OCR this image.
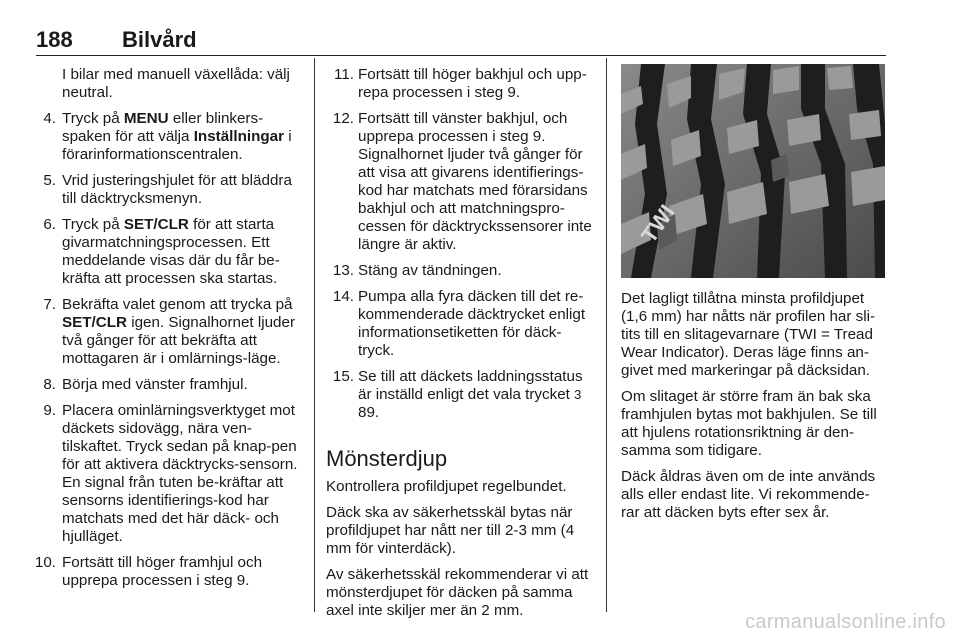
188 Bilvård

I bilar med manuell växellåda: välj neutral.

4. Tryck på MENU eller blinkers-spaken för att välja Inställningar i förarinformationscentralen.

5. Vrid justeringshjulet för att bläddra till däcktrycksmenyn.

6. Tryck på SET/CLR för att starta givarmatchningsprocessen. Ett meddelande visas där du får be-kräfta att processen ska startas.

7. Bekräfta valet genom att trycka på SET/CLR igen. Signalhornet ljuder två gånger för att bekräfta att mottagaren är i omlärnings-läge.

8. Börja med vänster framhjul.

9. Placera ominlärningsverktyget mot däckets sidovägg, nära ven-tilskaftet. Tryck sedan på knap-pen för att aktivera däcktrycks-sensorn. En signal från tuten be-kräftar att sensorns identifierings-kod har matchats med det här däck- och hjulläget.

10. Fortsätt till höger framhjul och upprepa processen i steg 9.

11. Fortsätt till höger bakhjul och upp-repa processen i steg 9.

12. Fortsätt till vänster bakhjul, och upprepa processen i steg 9. Signalhornet ljuder två gånger för att visa att givarens identifierings-kod har matchats med förarsidans bakhjul och att matchningspro-cessen för däcktryckssensorer inte längre är aktiv.

13. Stäng av tändningen.

14. Pumpa alla fyra däcken till det re-kommenderade däcktrycket enligt informationsetiketten för däck-tryck.

15. Se till att däckets laddningsstatus är inställd enligt det vala trycket 3 89.

Mönsterdjup

Kontrollera profildjupet regelbundet.

Däck ska av säkerhetsskäl bytas när profildjupet har nått ner till 2-3 mm (4 mm för vinterdäck).

Av säkerhetsskäl rekommenderar vi att mönsterdjupet för däcken på samma axel inte skiljer mer än 2 mm.

TWI

Det lagligt tillåtna minsta profildjupet (1,6 mm) har nåtts när profilen har sli-tits till en slitagevarnare (TWI = Tread Wear Indicator). Deras läge finns an-givet med markeringar på däcksidan.

Om slitaget är större fram än bak ska framhjulen bytas mot bakhjulen. Se till att hjulens rotationsriktning är den-samma som tidigare.

Däck åldras även om de inte används alls eller endast lite. Vi rekommende-rar att däcken byts efter sex år.

carmanualsonline.info
